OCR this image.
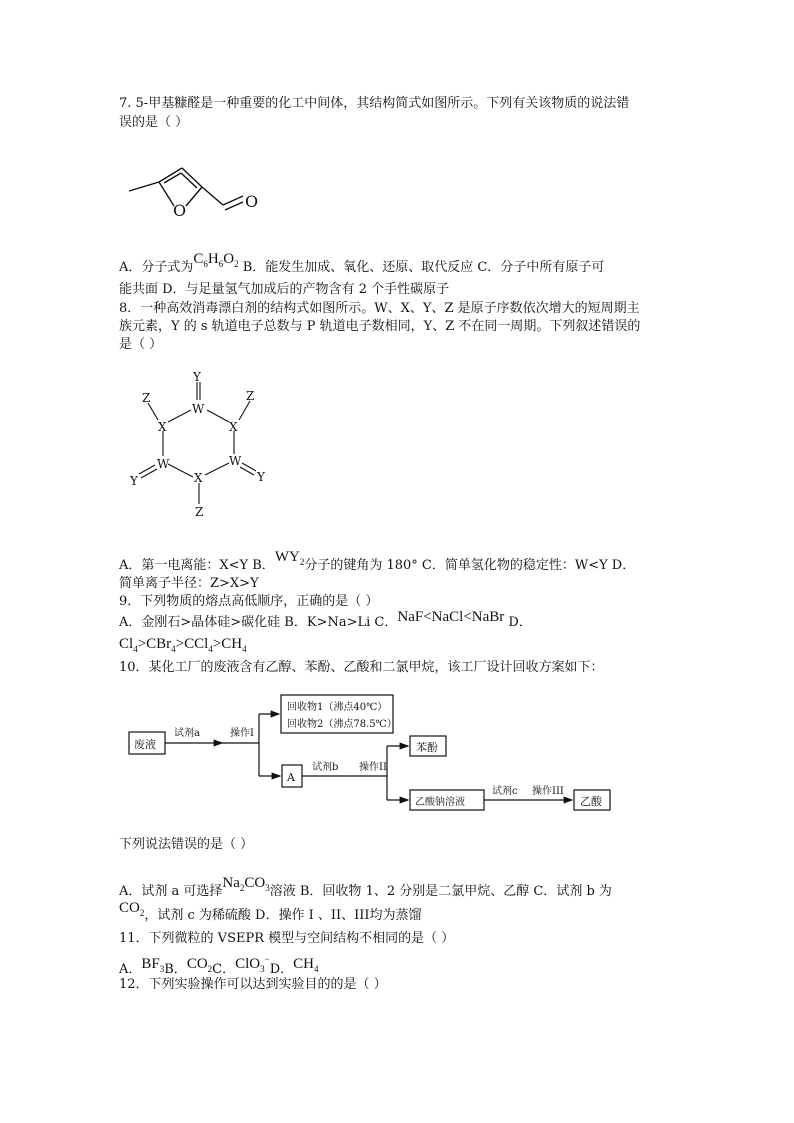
7. 5-甲基糠醛是一种重要的化工中间体，其结构简式如图所示。下列有关该物质的说法错
误的是（ ）
O	O
A．分子式为$C_6H_6O_2$ B．能发生加成、氧化、还原、取代反应 C．分子中所有原子可
能共面 D．与足量氢气加成后的产物含有 2 个手性碳原子
8．一种高效消毒漂白剂的结构式如图所示。W、X、Y、Z 是原子序数依次增大的短周期主
族元素，Y 的 s 轨道电子总数与 P 轨道电子数相同，Y、Z 不在同一周期。下列叙述错误的
是（ ）
Y
W
Z	Z
X	X
W	W
X
Y	Y
Z
A．第一电离能：X<Y B．$WY_2$分子的键角为 180° C．简单氢化物的稳定性：W<Y D．
简单离子半径：Z>X>Y
9．下列物质的熔点高低顺序，正确的是（ ）
A．金刚石>晶体硅>碳化硅 B．K>Na>Li C．NaF<NaCl<NaBr D．
$Cl_4>CBr_4>CCl_4>CH_4$
10．某化工厂的废液含有乙醇、苯酚、乙酸和二氯甲烷，该工厂设计回收方案如下：
废液
试剂a	操作I
回收物1（沸点40℃）
回收物2（沸点78.5℃）
A
试剂b 操作II
苯酚
乙酸钠溶液
试剂c 操作III
乙酸
下列说法错误的是（ ）
A．试剂 a 可选择$Na_2CO_3$溶液 B．回收物 1、2 分别是二氯甲烷、乙醇 C．试剂 b 为
$CO_2$，试剂 c 为稀硫酸 D．操作 I 、II、III均为蒸馏
11．下列微粒的 VSEPR 模型与空间结构不相同的是（ ）
A．$BF_3B$．$CO_2C$．ClO$_3$−D．$CH_4$
12．下列实验操作可以达到实验目的的是（ ）
